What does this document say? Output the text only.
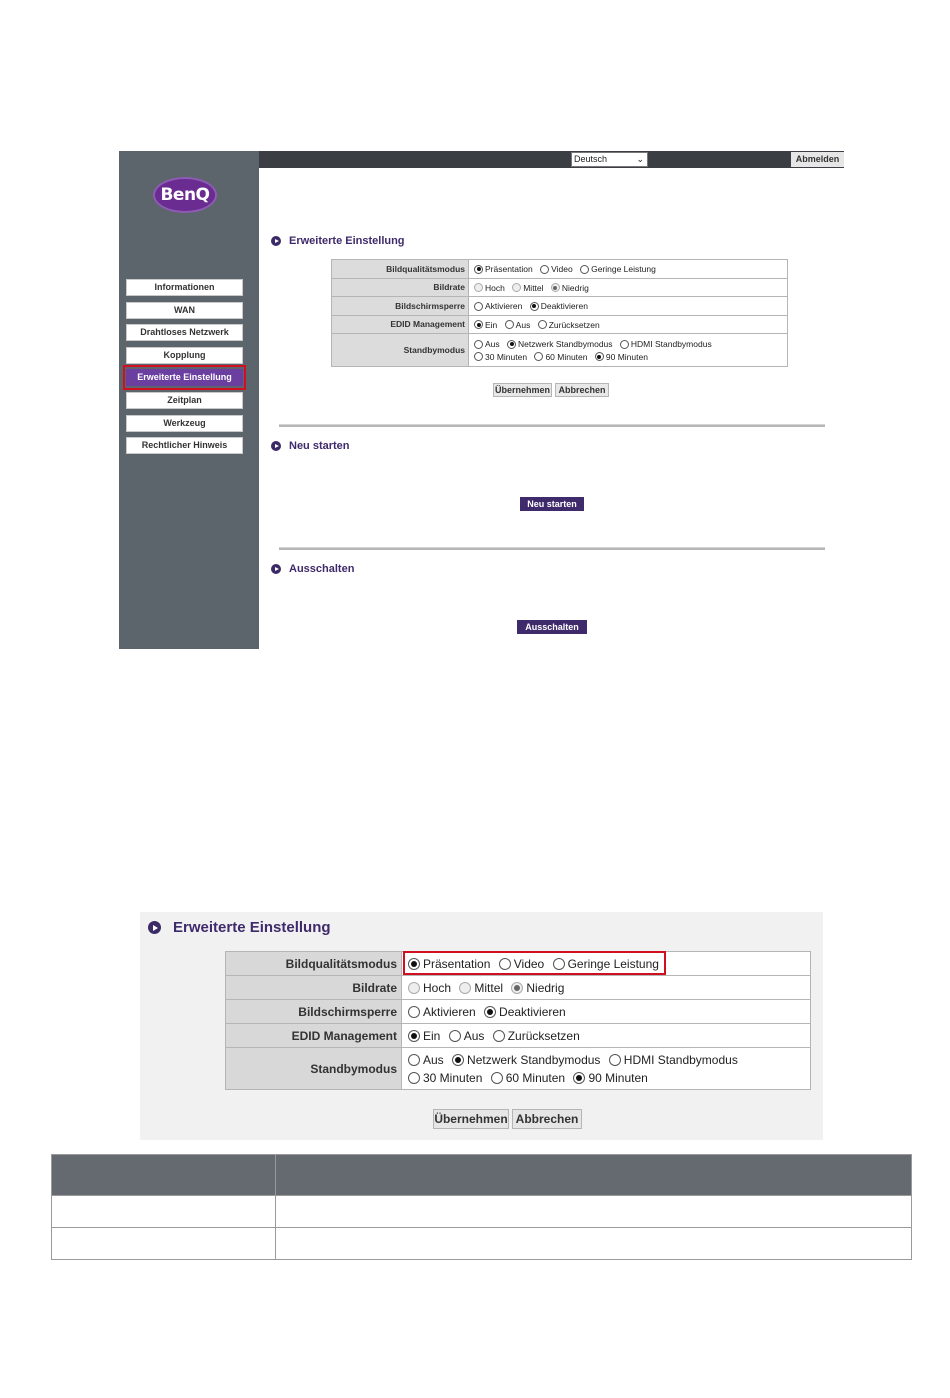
BenQ
Informationen
WAN
Drahtloses Netzwerk
Kopplung
Erweiterte Einstellung
Zeitplan
Werkzeug
Rechtlicher Hinweis
Deutsch	⌄	Abmelden
Erweiterte Einstellung
Bildqualitätsmodus	Präsentation Video Geringe Leistung
Bildrate	Hoch Mittel Niedrig
Bildschirmsperre	Aktivieren Deaktivieren
EDID Management	Ein Aus Zurücksetzen
Standbymodus	Aus Netzwerk Standbymodus HDMI Standbymodus
30 Minuten 60 Minuten 90 Minuten
Übernehmen Abbrechen
Neu starten
Neu starten
Ausschalten
Ausschalten
Erweiterte Einstellung
Bildqualitätsmodus	Präsentation Video Geringe Leistung
Bildrate	Hoch Mittel Niedrig
Bildschirmsperre	Aktivieren Deaktivieren
EDID Management	Ein Aus Zurücksetzen
Standbymodus	Aus Netzwerk Standbymodus HDMI Standbymodus
30 Minuten 60 Minuten 90 Minuten
Übernehmen Abbrechen
